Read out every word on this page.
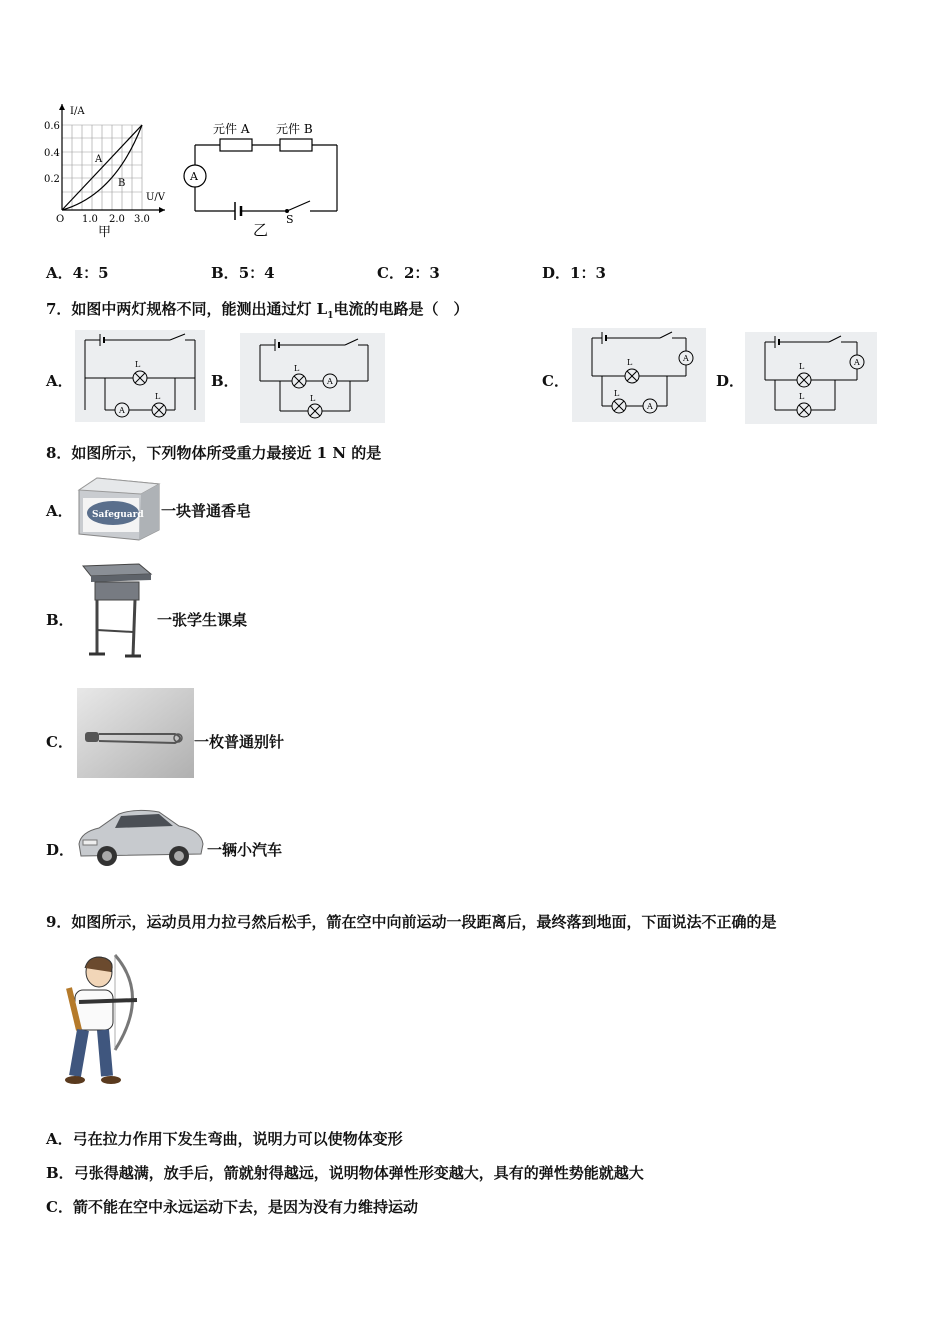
I/A
U/V
O
0.6
0.4
0.2
1.0 2.0 3.0
A
B
甲
元件 A 元件 B
A
S
乙
A．4：5	B．5：4	C．2：3	D．1：3
7．如图中两灯规格不同，能测出通过灯 $L_1$电流的电路是（　）
A．
L
A
L
B．	A
L
L
C．
A
L
A
L
D．
A
L
L
8．如图所示，下列物体所受重力最接近 1 N 的是
A． Safeguard 一块普通香皂
B．	一张学生课桌
C．	一枚普通别针
D．	一辆小汽车
9．如图所示，运动员用力拉弓然后松手，箭在空中向前运动一段距离后，最终落到地面，下面说法不正确的是
A．弓在拉力作用下发生弯曲，说明力可以使物体变形
B．弓张得越满，放手后，箭就射得越远，说明物体弹性形变越大，具有的弹性势能就越大
C．箭不能在空中永远运动下去，是因为没有力维持运动
